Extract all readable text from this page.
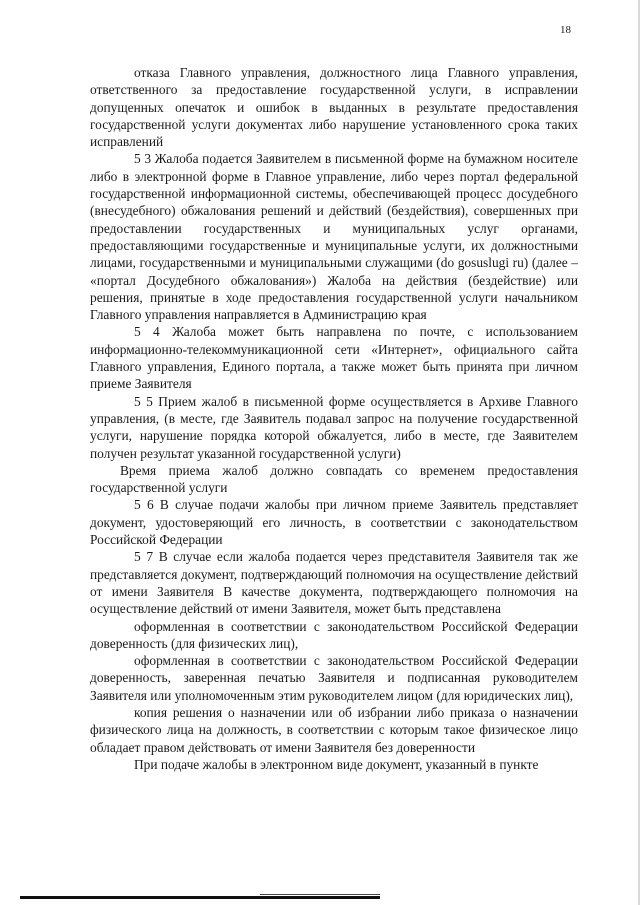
18

отказа Главного управления, должностного лица Главного управления, ответственного за предоставление государственной услуги, в исправлении допущенных опечаток и ошибок в выданных в результате предоставления государственной услуги документах либо нарушение установленного срока таких исправлений

5 3 Жалоба подается Заявителем в письменной форме на бумажном носителе либо в электронной форме в Главное управление, либо через портал федеральной государственной информационной системы, обеспечивающей процесс досудебного (внесудебного) обжалования решений и действий (бездействия), совершенных при предоставлении государственных и муниципальных услуг органами, предоставляющими государственные и муниципальные услуги, их должностными лицами, государственными и муниципальными служащими (do gosuslugi ru) (далее – «портал Досудебного обжалования») Жалоба на действия (бездействие) или решения, принятые в ходе предоставления государственной услуги начальником Главного управления направляется в Администрацию края

5 4 Жалоба может быть направлена по почте, с использованием информационно-телекоммуникационной сети «Интернет», официального сайта Главного управления, Единого портала, а также может быть принята при личном приеме Заявителя

5 5 Прием жалоб в письменной форме осуществляется в Архиве Главного управления, (в месте, где Заявитель подавал запрос на получение государственной услуги, нарушение порядка которой обжалуется, либо в месте, где Заявителем получен результат указанной государственной услуги)

Время приема жалоб должно совпадать со временем предоставления государственной услуги

5 6 В случае подачи жалобы при личном приеме Заявитель представляет документ, удостоверяющий его личность, в соответствии с законодательством Российской Федерации

5 7 В случае если жалоба подается через представителя Заявителя так же представляется документ, подтверждающий полномочия на осуществление действий от имени Заявителя В качестве документа, подтверждающего полномочия на осуществление действий от имени Заявителя, может быть представлена

оформленная в соответствии с законодательством Российской Федерации доверенность (для физических лиц),

оформленная в соответствии с законодательством Российской Федерации доверенность, заверенная печатью Заявителя и подписанная руководителем Заявителя или уполномоченным этим руководителем лицом (для юридических лиц),

копия решения о назначении или об избрании либо приказа о назначении физического лица на должность, в соответствии с которым такое физическое лицо обладает правом действовать от имени Заявителя без доверенности

При подаче жалобы в электронном виде документ, указанный в пункте
